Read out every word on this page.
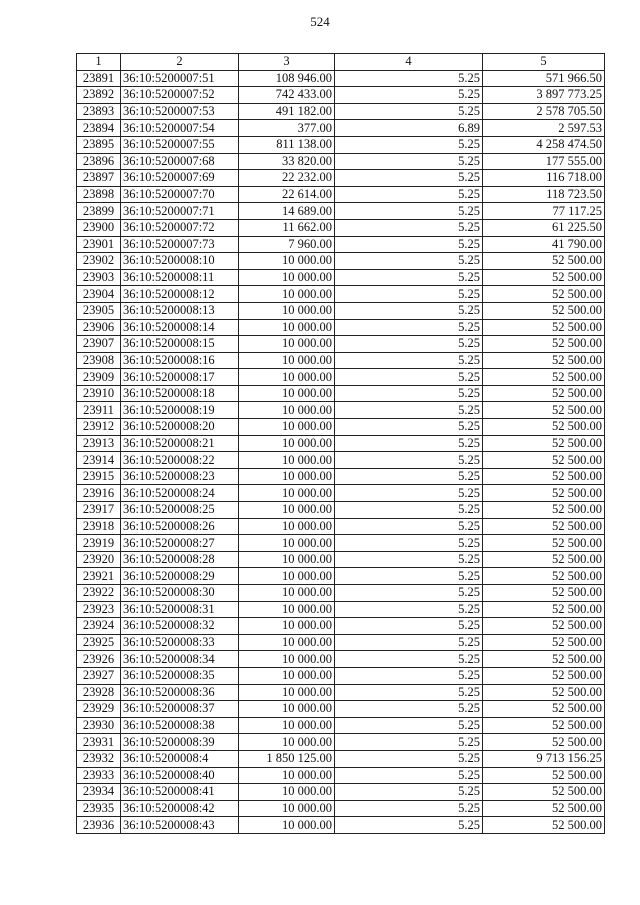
524
1	2	3	4	5
23891	36:10:5200007:51	108 946.00	5.25	571 966.50
23892	36:10:5200007:52	742 433.00	5.25	3 897 773.25
23893	36:10:5200007:53	491 182.00	5.25	2 578 705.50
23894	36:10:5200007:54	377.00	6.89	2 597.53
23895	36:10:5200007:55	811 138.00	5.25	4 258 474.50
23896	36:10:5200007:68	33 820.00	5.25	177 555.00
23897	36:10:5200007:69	22 232.00	5.25	116 718.00
23898	36:10:5200007:70	22 614.00	5.25	118 723.50
23899	36:10:5200007:71	14 689.00	5.25	77 117.25
23900	36:10:5200007:72	11 662.00	5.25	61 225.50
23901	36:10:5200007:73	7 960.00	5.25	41 790.00
23902	36:10:5200008:10	10 000.00	5.25	52 500.00
23903	36:10:5200008:11	10 000.00	5.25	52 500.00
23904	36:10:5200008:12	10 000.00	5.25	52 500.00
23905	36:10:5200008:13	10 000.00	5.25	52 500.00
23906	36:10:5200008:14	10 000.00	5.25	52 500.00
23907	36:10:5200008:15	10 000.00	5.25	52 500.00
23908	36:10:5200008:16	10 000.00	5.25	52 500.00
23909	36:10:5200008:17	10 000.00	5.25	52 500.00
23910	36:10:5200008:18	10 000.00	5.25	52 500.00
23911	36:10:5200008:19	10 000.00	5.25	52 500.00
23912	36:10:5200008:20	10 000.00	5.25	52 500.00
23913	36:10:5200008:21	10 000.00	5.25	52 500.00
23914	36:10:5200008:22	10 000.00	5.25	52 500.00
23915	36:10:5200008:23	10 000.00	5.25	52 500.00
23916	36:10:5200008:24	10 000.00	5.25	52 500.00
23917	36:10:5200008:25	10 000.00	5.25	52 500.00
23918	36:10:5200008:26	10 000.00	5.25	52 500.00
23919	36:10:5200008:27	10 000.00	5.25	52 500.00
23920	36:10:5200008:28	10 000.00	5.25	52 500.00
23921	36:10:5200008:29	10 000.00	5.25	52 500.00
23922	36:10:5200008:30	10 000.00	5.25	52 500.00
23923	36:10:5200008:31	10 000.00	5.25	52 500.00
23924	36:10:5200008:32	10 000.00	5.25	52 500.00
23925	36:10:5200008:33	10 000.00	5.25	52 500.00
23926	36:10:5200008:34	10 000.00	5.25	52 500.00
23927	36:10:5200008:35	10 000.00	5.25	52 500.00
23928	36:10:5200008:36	10 000.00	5.25	52 500.00
23929	36:10:5200008:37	10 000.00	5.25	52 500.00
23930	36:10:5200008:38	10 000.00	5.25	52 500.00
23931	36:10:5200008:39	10 000.00	5.25	52 500.00
23932	36:10:5200008:4	1 850 125.00	5.25	9 713 156.25
23933	36:10:5200008:40	10 000.00	5.25	52 500.00
23934	36:10:5200008:41	10 000.00	5.25	52 500.00
23935	36:10:5200008:42	10 000.00	5.25	52 500.00
23936	36:10:5200008:43	10 000.00	5.25	52 500.00
